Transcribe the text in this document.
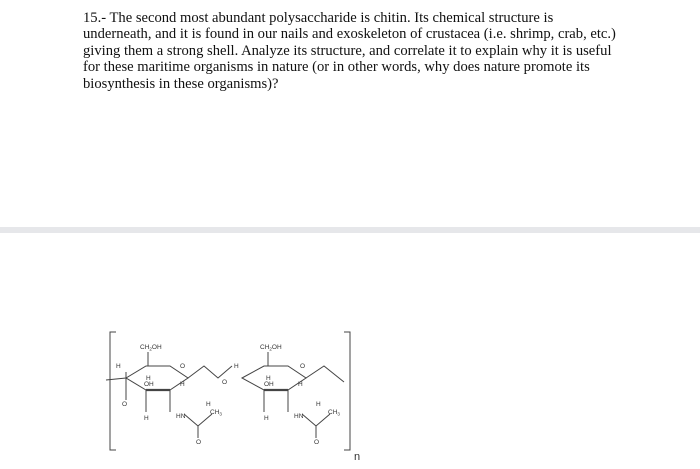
15.- The second most abundant polysaccharide is chitin. Its chemical structure is
underneath, and it is found in our nails and exoskeleton of crustacea (i.e. shrimp, crab, etc.)
giving them a strong shell. Analyze its structure, and correlate it to explain why it is useful
for these maritime organisms in nature (or in other words, why does nature promote its
biosynthesis in these organisms)?
$CH_2OH$	$CH_2OH$
O
O
O
O
H
H
OH	H
H
H
OH	H
H
H
H
H
HN
$CH_3$
O
HN
$CH_3$
O
n
